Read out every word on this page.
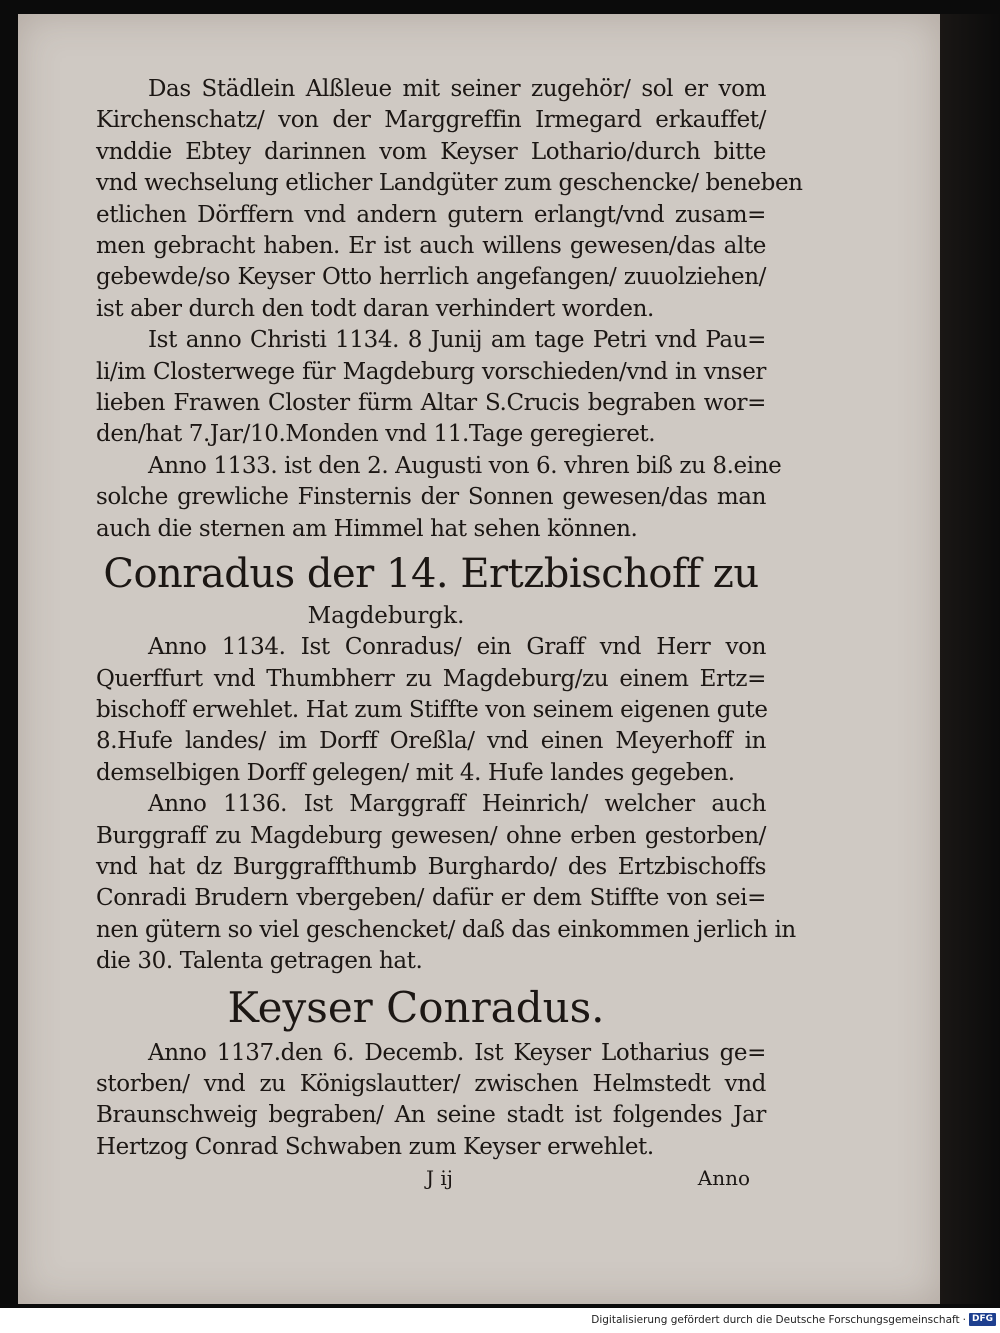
Das Städlein Alßleue mit seiner zugehör/ sol er vom
Kirchenschatz/ von der Marggreffin Irmegard erkauffet/
vnddie Ebtey darinnen vom Keyser Lothario/durch bitte
vnd wechselung etlicher Landgüter zum geschencke/ beneben
etlichen Dörffern vnd andern gutern erlangt/vnd zusam=
men gebracht haben. Er ist auch willens gewesen/das alte
gebewde/so Keyser Otto herrlich angefangen/ zuuolziehen/
ist aber durch den todt daran verhindert worden.
Ist anno Christi 1134. 8 Junij am tage Petri vnd Pau=
li/im Closterwege für Magdeburg vorschieden/vnd in vnser
lieben Frawen Closter fürm Altar S.Crucis begraben wor=
den/hat 7.Jar/10.Monden vnd 11.Tage geregieret.
Anno 1133. ist den 2. Augusti von 6. vhren biß zu 8.eine
solche grewliche Finsternis der Sonnen gewesen/das man
auch die sternen am Himmel hat sehen können.
Conradus der 14. Ertzbischoff zu
Magdeburgk.
Anno 1134. Ist Conradus/ ein Graff vnd Herr von
Querffurt vnd Thumbherr zu Magdeburg/zu einem Ertz=
bischoff erwehlet. Hat zum Stiffte von seinem eigenen gute
8.Hufe landes/ im Dorff Oreßla/ vnd einen Meyerhoff in
demselbigen Dorff gelegen/ mit 4. Hufe landes gegeben.
Anno 1136. Ist Marggraff Heinrich/ welcher auch
Burggraff zu Magdeburg gewesen/ ohne erben gestorben/
vnd hat dz Burggraffthumb Burghardo/ des Ertzbischoffs
Conradi Brudern vbergeben/ dafür er dem Stiffte von sei=
nen gütern so viel geschencket/ daß das einkommen jerlich in
die 30. Talenta getragen hat.
Keyser Conradus.
Anno 1137.den 6. Decemb. Ist Keyser Lotharius ge=
storben/ vnd zu Königslautter/ zwischen Helmstedt vnd
Braunschweig begraben/ An seine stadt ist folgendes Jar
Hertzog Conrad Schwaben zum Keyser erwehlet.
J ij	Anno
Digitalisierung gefördert durch die Deutsche Forschungsgemeinschaft · DFG
